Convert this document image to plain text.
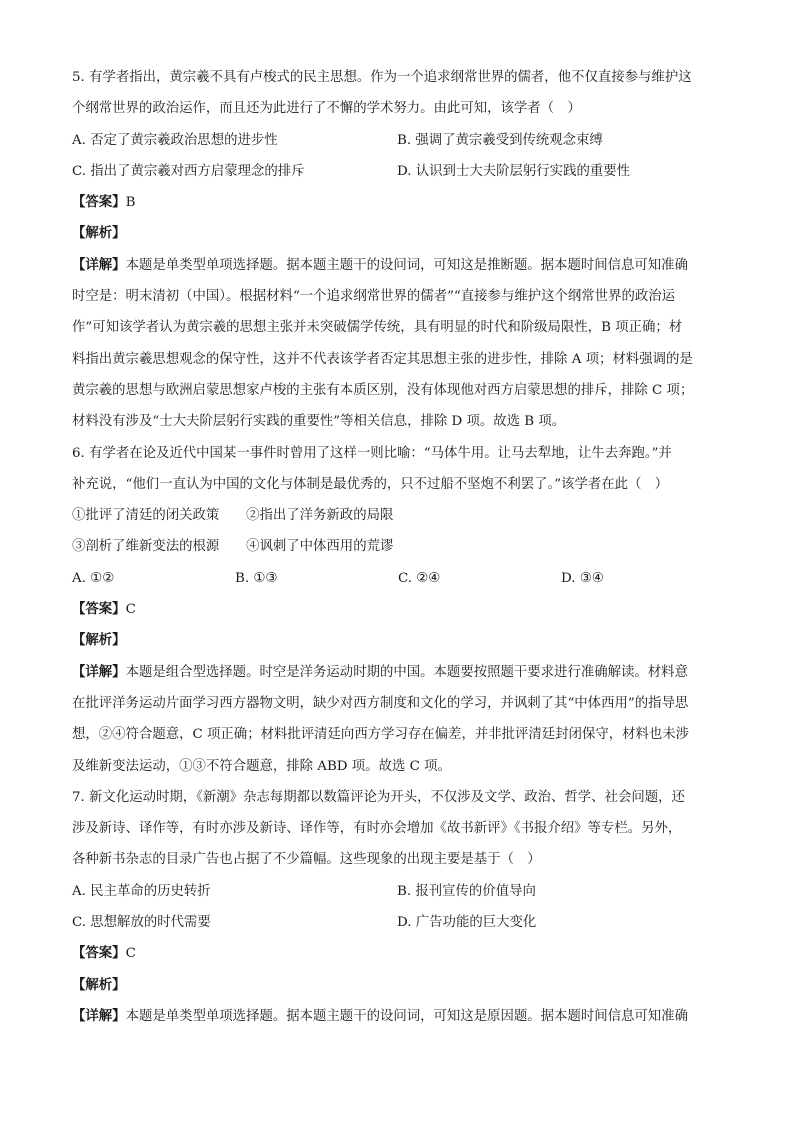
5. 有学者指出，黄宗羲不具有卢梭式的民主思想。作为一个追求纲常世界的儒者，他不仅直接参与维护这
个纲常世界的政治运作，而且还为此进行了不懈的学术努力。由此可知，该学者（　）
A. 否定了黄宗羲政治思想的进步性	B. 强调了黄宗羲受到传统观念束缚
C. 指出了黄宗羲对西方启蒙理念的排斥	D. 认识到士大夫阶层躬行实践的重要性
【答案】B
【解析】
【详解】本题是单类型单项选择题。据本题主题干的设问词，可知这是推断题。据本题时间信息可知准确
时空是：明末清初（中国）。根据材料“一个追求纲常世界的儒者”“直接参与维护这个纲常世界的政治运
作”可知该学者认为黄宗羲的思想主张并未突破儒学传统，具有明显的时代和阶级局限性，B 项正确；材
料指出黄宗羲思想观念的保守性，这并不代表该学者否定其思想主张的进步性，排除 A 项；材料强调的是
黄宗羲的思想与欧洲启蒙思想家卢梭的主张有本质区别，没有体现他对西方启蒙思想的排斥，排除 C 项；
材料没有涉及“士大夫阶层躬行实践的重要性”等相关信息，排除 D 项。故选 B 项。
6. 有学者在论及近代中国某一事件时曾用了这样一则比喻：“马体牛用。让马去犁地，让牛去奔跑。”并
补充说，“他们一直认为中国的文化与体制是最优秀的，只不过船不坚炮不利罢了。”该学者在此（　）
①批评了清廷的闭关政策　　②指出了洋务新政的局限
③剖析了维新变法的根源　　④讽刺了中体西用的荒谬
A. ①②	B. ①③	C. ②④	D. ③④
【答案】C
【解析】
【详解】本题是组合型选择题。时空是洋务运动时期的中国。本题要按照题干要求进行准确解读。材料意
在批评洋务运动片面学习西方器物文明，缺少对西方制度和文化的学习，并讽刺了其“中体西用”的指导思
想，②④符合题意，C 项正确；材料批评清廷向西方学习存在偏差，并非批评清廷封闭保守，材料也未涉
及维新变法运动，①③不符合题意，排除 ABD 项。故选 C 项。
7. 新文化运动时期，《新潮》杂志每期都以数篇评论为开头，不仅涉及文学、政治、哲学、社会问题，还
涉及新诗、译作等，有时亦涉及新诗、译作等，有时亦会增加《故书新评》《书报介绍》等专栏。另外，
各种新书杂志的目录广告也占据了不少篇幅。这些现象的出现主要是基于（　）
A. 民主革命的历史转折	B. 报刊宣传的价值导向
C. 思想解放的时代需要	D. 广告功能的巨大变化
【答案】C
【解析】
【详解】本题是单类型单项选择题。据本题主题干的设问词，可知这是原因题。据本题时间信息可知准确
